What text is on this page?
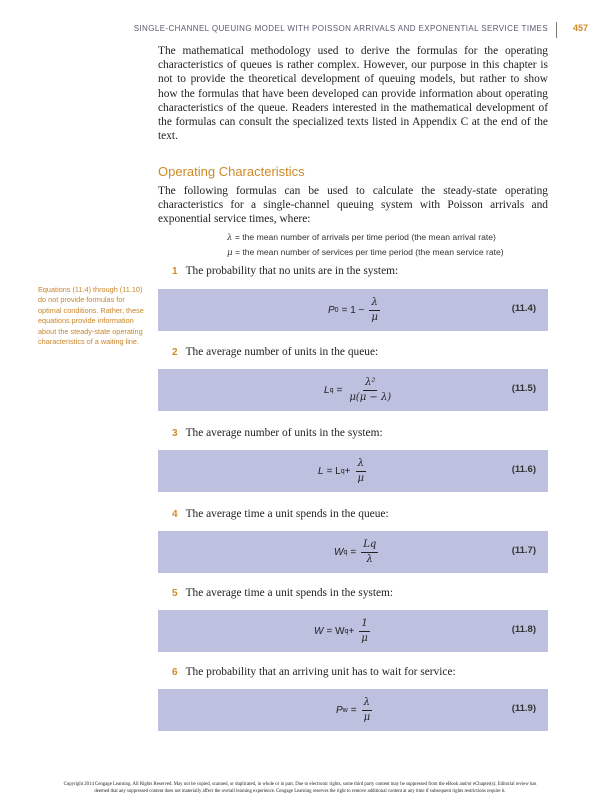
SINGLE-CHANNEL QUEUING MODEL WITH POISSON ARRIVALS AND EXPONENTIAL SERVICE TIMES	457

The mathematical methodology used to derive the formulas for the operating characteristics of queues is rather complex. However, our purpose in this chapter is not to provide the theoretical development of queuing models, but rather to show how the formulas that have been developed can provide information about operating characteristics of the queue. Readers interested in the mathematical development of the formulas can consult the specialized texts listed in Appendix C at the end of the text.

Operating Characteristics

The following formulas can be used to calculate the steady-state operating characteristics for a single-channel queuing system with Poisson arrivals and exponential service times, where:

λ = the mean number of arrivals per time period (the mean arrival rate)
μ = the mean number of services per time period (the mean service rate)
Equations (11.4) through (11.10) do not provide formulas for optimal conditions. Rather, these equations provide information about the steady-state operating characteristics of a waiting line.
1 The probability that no units are in the system:
P $0 = 1 - \frac{\lambda}{\mu}$	(11.4)
2 The average number of units in the queue:
L $q = \frac{\text{λ²}}{\mu(\mu - \lambda)}$	(11.5)
3 The average number of units in the system:
L = L $q + \frac{\lambda}{\mu}$	(11.6)
4 The average time a unit spends in the queue:
W $q = \frac{Lq}{\lambda}$	(11.7)
5 The average time a unit spends in the system:
W = W $q + \frac{1}{\mu}$	(11.8)
6 The probability that an arriving unit has to wait for service:
P $w = \frac{\lambda}{\mu}$	(11.9)
Copyright 2014 Cengage Learning. All Rights Reserved. May not be copied, scanned, or duplicated, in whole or in part. Due to electronic rights, some third party content may be suppressed from the eBook and/or eChapter(s). Editorial review has
deemed that any suppressed content does not materially affect the overall learning experience. Cengage Learning reserves the right to remove additional content at any time if subsequent rights restrictions require it.
